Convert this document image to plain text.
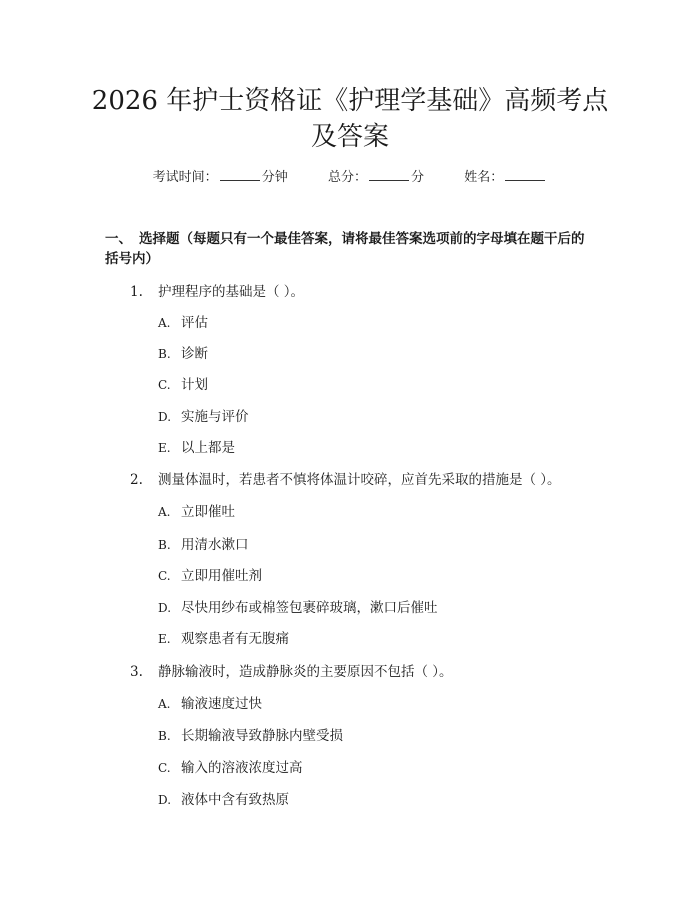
2026 年护士资格证《护理学基础》高频考点
及答案
考试时间：	分钟	总分：	分	姓名：
一、 选择题（每题只有一个最佳答案，请将最佳答案选项前的字母填在题干后的
括号内）
1. 护理程序的基础是（ ）。
A. 评估
B. 诊断
C. 计划
D. 实施与评价
E. 以上都是
2. 测量体温时，若患者不慎将体温计咬碎，应首先采取的措施是（ ）。
A. 立即催吐
B. 用清水漱口
C. 立即用催吐剂
D. 尽快用纱布或棉签包裹碎玻璃，漱口后催吐
E. 观察患者有无腹痛
3. 静脉输液时，造成静脉炎的主要原因不包括（ ）。
A. 输液速度过快
B. 长期输液导致静脉内壁受损
C. 输入的溶液浓度过高
D. 液体中含有致热原
